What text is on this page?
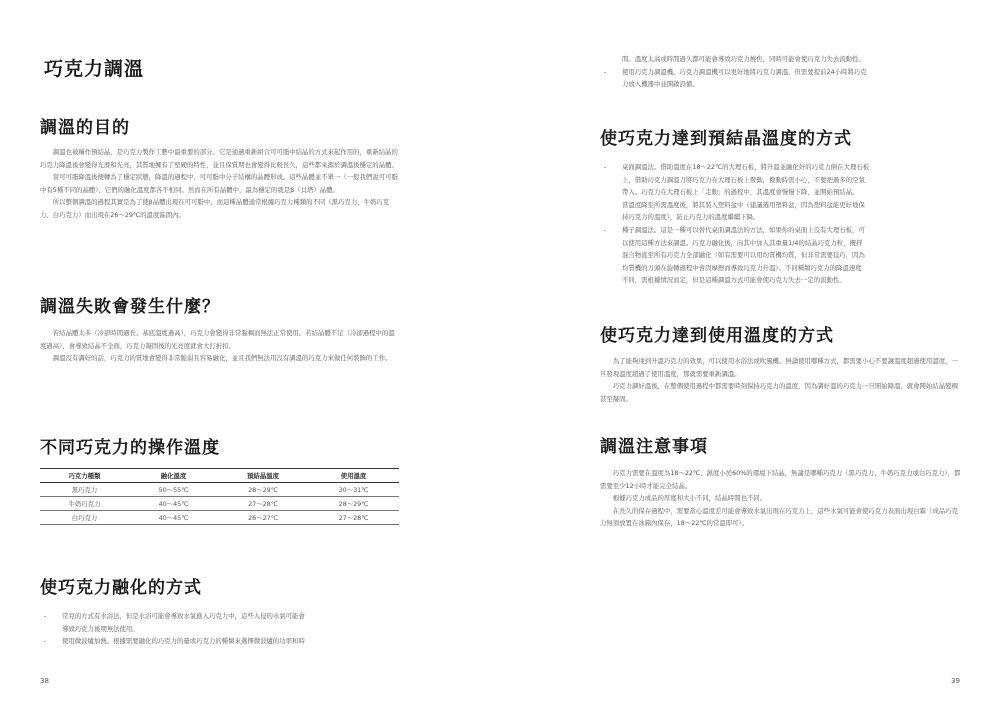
巧克力調溫
調溫的目的

調溫也被稱作預結晶，是巧克力製作工藝中最重要的部分。它是通過重新組合可可脂中結晶的方式來起作用的，重新結晶的巧克力降溫後會變得光滑和光亮，其質地擁有了堅硬的特性，並且保質期也會變得比較長久，這些都來源於調溫後穩定的晶體。

當可可脂降溫後便轉為了穩定狀態，降溫的過程中，可可脂中分子結構的晶體形成。這些晶體並不單一（一般我們說可可脂中有5種不同的晶體），它們的融化溫度都各不相同。然而在所有晶體中，最為穩定的就是β（貝塔）晶體。

所以整個調溫的過程其實是為了使β晶體出現在可可脂中，而這種晶體通常根據巧克力種類的不同（黑巧克力、牛奶巧克力、白巧克力）而出現在26～29℃的溫度區間內。

調溫失敗會發生什麼？

若結晶體太多（冷卻時間過長、基底溫度過高），巧克力會變得非常黏稠而無法正常使用。若結晶體不足（冷卻過程中的溫度過高），會導致結晶不全面，巧克力凝固後的光亮度就會大打折扣。

調溫沒有調好的話，巧克力的質地會變得非常脆弱且容易融化，並且我們無法用沒有調溫的巧克力來做任何裝飾的工作。

不同巧克力的操作溫度
巧克力種類	融化溫度	預結晶溫度	使用溫度
黑巧克力	50～55℃	28～29℃	30～31℃
牛奶巧克力	40～45℃	27～28℃	28～29℃
白巧克力	40～45℃	26～27℃	27～28℃
使巧克力融化的方式
- 常見的方式有水浴法，但是水浴可能會導致水氣進入巧克力中，這些入侵的水氣可能會
導致巧克力後期無法使用。
- 使用微波爐加熱。根據需要融化的巧克力的量或巧克力的種類來選擇微波爐的功率和時
38
間。溫度太高或時間過久都可能會導致巧克力燒焦，同時可能會使巧克力失去流動性。
- 使用巧克力調溫機。巧克力調溫機可以更好地將巧克力調溫，但需要提前24小時將巧克
力放入機器中並開啟設備。
使巧克力達到預結晶溫度的方式
- 桌面調溫法。借助溫度在18～22℃的大理石板，將升溫並融化好的巧克力倒在大理石板
上，借助巧克力調溫刀將巧克力在大理石板上撥動，撥動時需小心，不要把過多的空氣
帶入。巧克力在大理石板上「走動」的過程中，其溫度會慢慢下降，並開始預結晶。
當溫度降至所需溫度後，將其裝入塑料盆中（建議選用塑料盆，因為塑料盆能更好地保
持巧克力的溫度），防止巧克力的溫度繼續下降。
- 種子調溫法。這是一種可以替代桌面調溫法的方法，如果你的桌面上沒有大理石板，可
以使用這種方法來調溫。巧克力融化後，向其中加入其重量1/4的結晶巧克力粒，攪拌
混合物直至所有巧克力全部融化（如有需要可以用均質機均質，但非常需要技巧，因為
均質機的刀頭在旋轉過程中會因摩擦而導致巧克力升溫）。不同種類巧克力的降溫速度
不同，需根據情況而定，但是這種調溫方式可能會使巧克力失去一定的流動性。
使巧克力達到使用溫度的方式

為了能夠達到升溫巧克力的效果，可以使用水浴法或吹風機。無論使用哪種方式，都需要小心不要讓溫度超過使用溫度，一旦發現溫度超過了使用溫度，那就需要重新調溫。

巧克力調好溫後，在整個使用過程中都需要時刻保持巧克力的溫度，因為調好溫的巧克力一旦開始降溫，就會開始結晶變稠甚至凝固。

調溫注意事項

巧克力需要在溫度為18～22℃、濕度小於60%的環境下結晶，無論是哪種巧克力（黑巧克力、牛奶巧克力或白巧克力），都需要至少12小時才能完全結晶。

根據巧克力成品的厚度和大小不同，結晶時間也不同。

在長久的保存過程中，需要當心溫度差可能會導致水氣出現在巧克力上，這些水氣可能會使巧克力表面出現白霜（成品巧克力無須放置在冰箱內保存，18～22℃的常溫即可）。

39
